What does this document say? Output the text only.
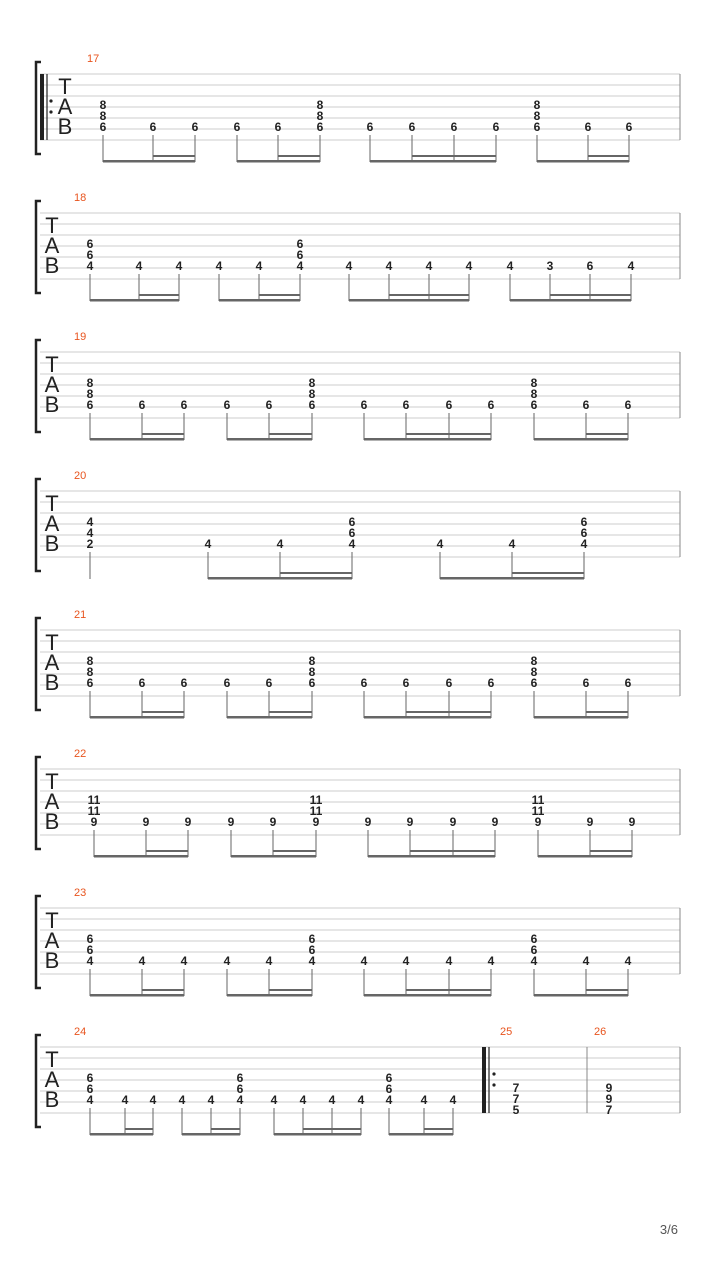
T
A
B
17
8
8
6	6	6	6	6
8
8
6	6	6	6	6
8
8
6	6	6
T
A
B
18
6
6
4	4	4	4	4
6
6
4	4	4	4	4	4	3	6	4
T
A
B
19
8
8
6	6	6	6	6
8
8
6	6	6	6	6
8
8
6	6	6
T
A
B
20
4
4
2	4	4
6
6
4	4	4
6
6
4
T
A
B
21
8
8
6	6	6	6	6
8
8
6	6	6	6	6
8
8
6	6	6
T
A
B
22
11
11
9	9	9	9	9
11
11
9	9	9	9	9
11
11
9	9	9
T
A
B
23
6
6
4	4	4	4	4
6
6
4	4	4	4	4
6
6
4	4	4
T
A
B
24
6
6
4 4 4 4 4
6
6
4 4 4 4 4
6
6
4 4 4
25
7
7
5
26
9
9
7
3/6
